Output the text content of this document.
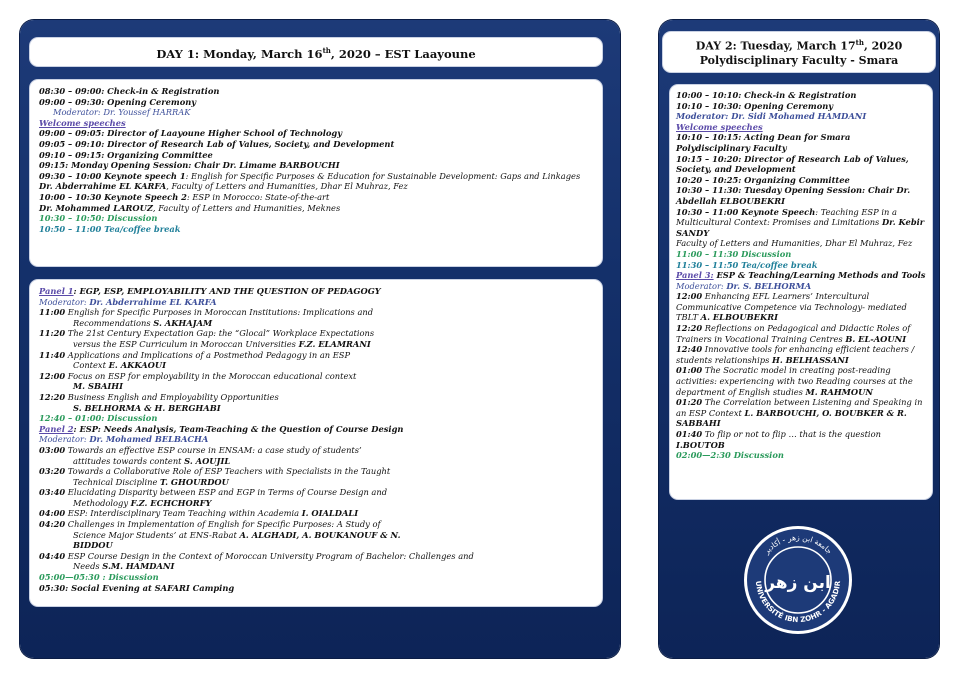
DAY 1: Monday, March 16th, 2020 – EST Laayoune
08:30 – 09:00: Check-in & Registration
09:00 – 09:30: Opening Ceremony
Moderator: Dr. Youssef HARRAK
Welcome speeches
09:00 – 09:05: Director of Laayoune Higher School of Technology
09:05 – 09:10: Director of Research Lab of Values, Society, and Development
09:10 – 09:15: Organizing Committee
09:15: Monday Opening Session: Chair Dr. Limame BARBOUCHI
09:30 – 10:00 Keynote speech 1: English for Specific Purposes & Education for Sustainable Development: Gaps and Linkages
Dr. Abderrahime EL KARFA, Faculty of Letters and Humanities, Dhar El Muhraz, Fez
10:00 – 10:30 Keynote Speech 2: ESP in Morocco: State-of-the-art
Dr. Mohammed LAROUZ, Faculty of Letters and Humanities, Meknes
10:30 – 10:50: Discussion
10:50 – 11:00 Tea/coffee break
Panel 1: EGP, ESP, EMPLOYABILITY AND THE QUESTION OF PEDAGOGY
Moderator: Dr. Abderrahime EL KARFA
11:00 English for Specific Purposes in Moroccan Institutions: Implications and
Recommendations S. AKHAJAM
11:20 The 21st Century Expectation Gap: the “Glocal” Workplace Expectations
versus the ESP Curriculum in Moroccan Universities F.Z. ELAMRANI
11:40 Applications and Implications of a Postmethod Pedagogy in an ESP
Context E. AKKAOUI
12:00 Focus on ESP for employability in the Moroccan educational context
M. SBAIHI
12:20 Business English and Employability Opportunities
S. BELHORMA & H. BERGHABI
12:40 – 01:00: Discussion
Panel 2: ESP: Needs Analysis, Team-Teaching & the Question of Course Design
Moderator: Dr. Mohamed BELBACHA
03:00 Towards an effective ESP course in ENSAM: a case study of students’
attitudes towards content S. AOUJIL
03:20 Towards a Collaborative Role of ESP Teachers with Specialists in the Taught
Technical Discipline T. GHOURDOU
03:40 Elucidating Disparity between ESP and EGP in Terms of Course Design and
Methodology F.Z. ECHCHORFY
04:00 ESP: Interdisciplinary Team Teaching within Academia I. OIALDALI
04:20 Challenges in Implementation of English for Specific Purposes: A Study of
Science Major Students’ at ENS-Rabat A. ALGHADI, A. BOUKANOUF & N.
BIDDOU
04:40 ESP Course Design in the Context of Moroccan University Program of Bachelor: Challenges and
Needs S.M. HAMDANI
05:00—05:30 : Discussion
05:30: Social Evening at SAFARI Camping
DAY 2: Tuesday, March 17th, 2020
Polydisciplinary Faculty - Smara
10:00 – 10:10: Check-in & Registration
10:10 – 10:30: Opening Ceremony
Moderator: Dr. Sidi Mohamed HAMDANI
Welcome speeches
10:10 – 10:15: Acting Dean for Smara Polydisciplinary Faculty
10:15 – 10:20: Director of Research Lab of Values, Society, and Development
10:20 – 10:25: Organizing Committee
10:30 – 11:30: Tuesday Opening Session: Chair Dr. Abdellah ELBOUBEKRI
10:30 – 11:00 Keynote Speech: Teaching ESP in a Multicultural Context: Promises and Limitations Dr. Kebir SANDY
Faculty of Letters and Humanities, Dhar El Muhraz, Fez
11:00 – 11:30 Discussion
11:30 – 11:50 Tea/coffee break
Panel 3: ESP & Teaching/Learning Methods and Tools
Moderator: Dr. S. BELHORMA
12:00 Enhancing EFL Learners’ Intercultural Communicative Competence via Technology- mediated TBLT A. ELBOUBEKRI
12:20 Reflections on Pedagogical and Didactic Roles of Trainers in Vocational Training Centres B. EL-AOUNI
12:40 Innovative tools for enhancing efficient teachers / students relationships H. BELHASSANI
01:00 The Socratic model in creating post-reading activities: experiencing with two Reading courses at the department of English studies M. RAHMOUN
01:20 The Correlation between Listening and Speaking in an ESP Context L. BARBOUCHI, O. BOUBKER & R. SABBAHI
01:40 To flip or not to flip … that is the question I.BOUTOB
02:00—2:30 Discussion
UNIVERSITÉ IBN ZOHR - AGADIR
جامعة ابن زهر - أكادير
ابن زهر
